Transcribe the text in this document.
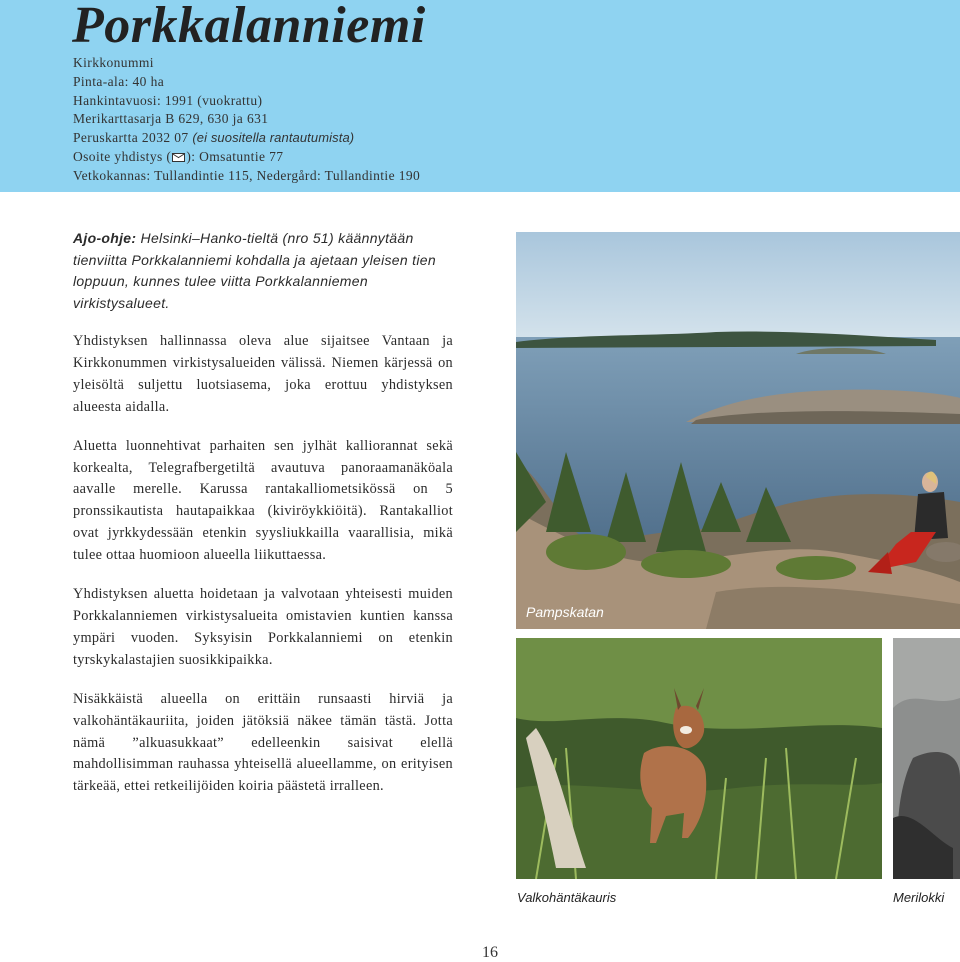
Porkkalanniemi
Kirkkonummi
Pinta-ala: 40 ha
Hankintavuosi: 1991 (vuokrattu)
Merikarttasarja B 629, 630 ja 631
Peruskartta 2032 07 (ei suositella rantautumista)
Osoite yhdistys ( ): Omsatuntie 77
Vetkokannas: Tullandintie 115, Nedergård: Tullandintie 190
Ajo-ohje: Helsinki–Hanko-tieltä (nro 51) käännytään tienviitta Porkkalanniemi kohdalla ja ajetaan yleisen tien loppuun, kunnes tulee viitta Porkkalanniemen virkistysalueet.

Yhdistyksen hallinnassa oleva alue sijaitsee Vantaan ja Kirkkonummen virkistysalueiden välissä. Niemen kärjessä on yleisöltä suljettu luotsiasema, joka erottuu yhdistyksen alueesta aidalla.

Aluetta luonnehtivat parhaiten sen jylhät kalliorannat sekä korkealta, Telegrafbergetiltä avautuva panoraamanäköala aavalle merelle. Karussa rantakalliometsikössä on 5 pronssikautista hautapaikkaa (kiviröykkiöitä). Rantakalliot ovat jyrkkydessään etenkin syysliukkailla vaarallisia, mikä tulee ottaa huomioon alueella liikuttaessa.

Yhdistyksen aluetta hoidetaan ja valvotaan yhteisesti muiden Porkkalanniemen virkistysalueita omistavien kuntien kanssa ympäri vuoden. Syksyisin Porkkalanniemi on etenkin tyrskykalastajien suosikkipaikka.

Nisäkkäistä alueella on erittäin runsaasti hirviä ja valkohäntäkauriita, joiden jätöksiä näkee tämän tästä. Jotta nämä ”alkuasukkaat” edelleenkin saisivat elellä mahdollisimman rauhassa yhteisellä alueellamme, on erityisen tärkeää, ettei retkeilijöiden koiria päästetä irralleen.

Pampskatan
Valkohäntäkauris	Merilokki
16
